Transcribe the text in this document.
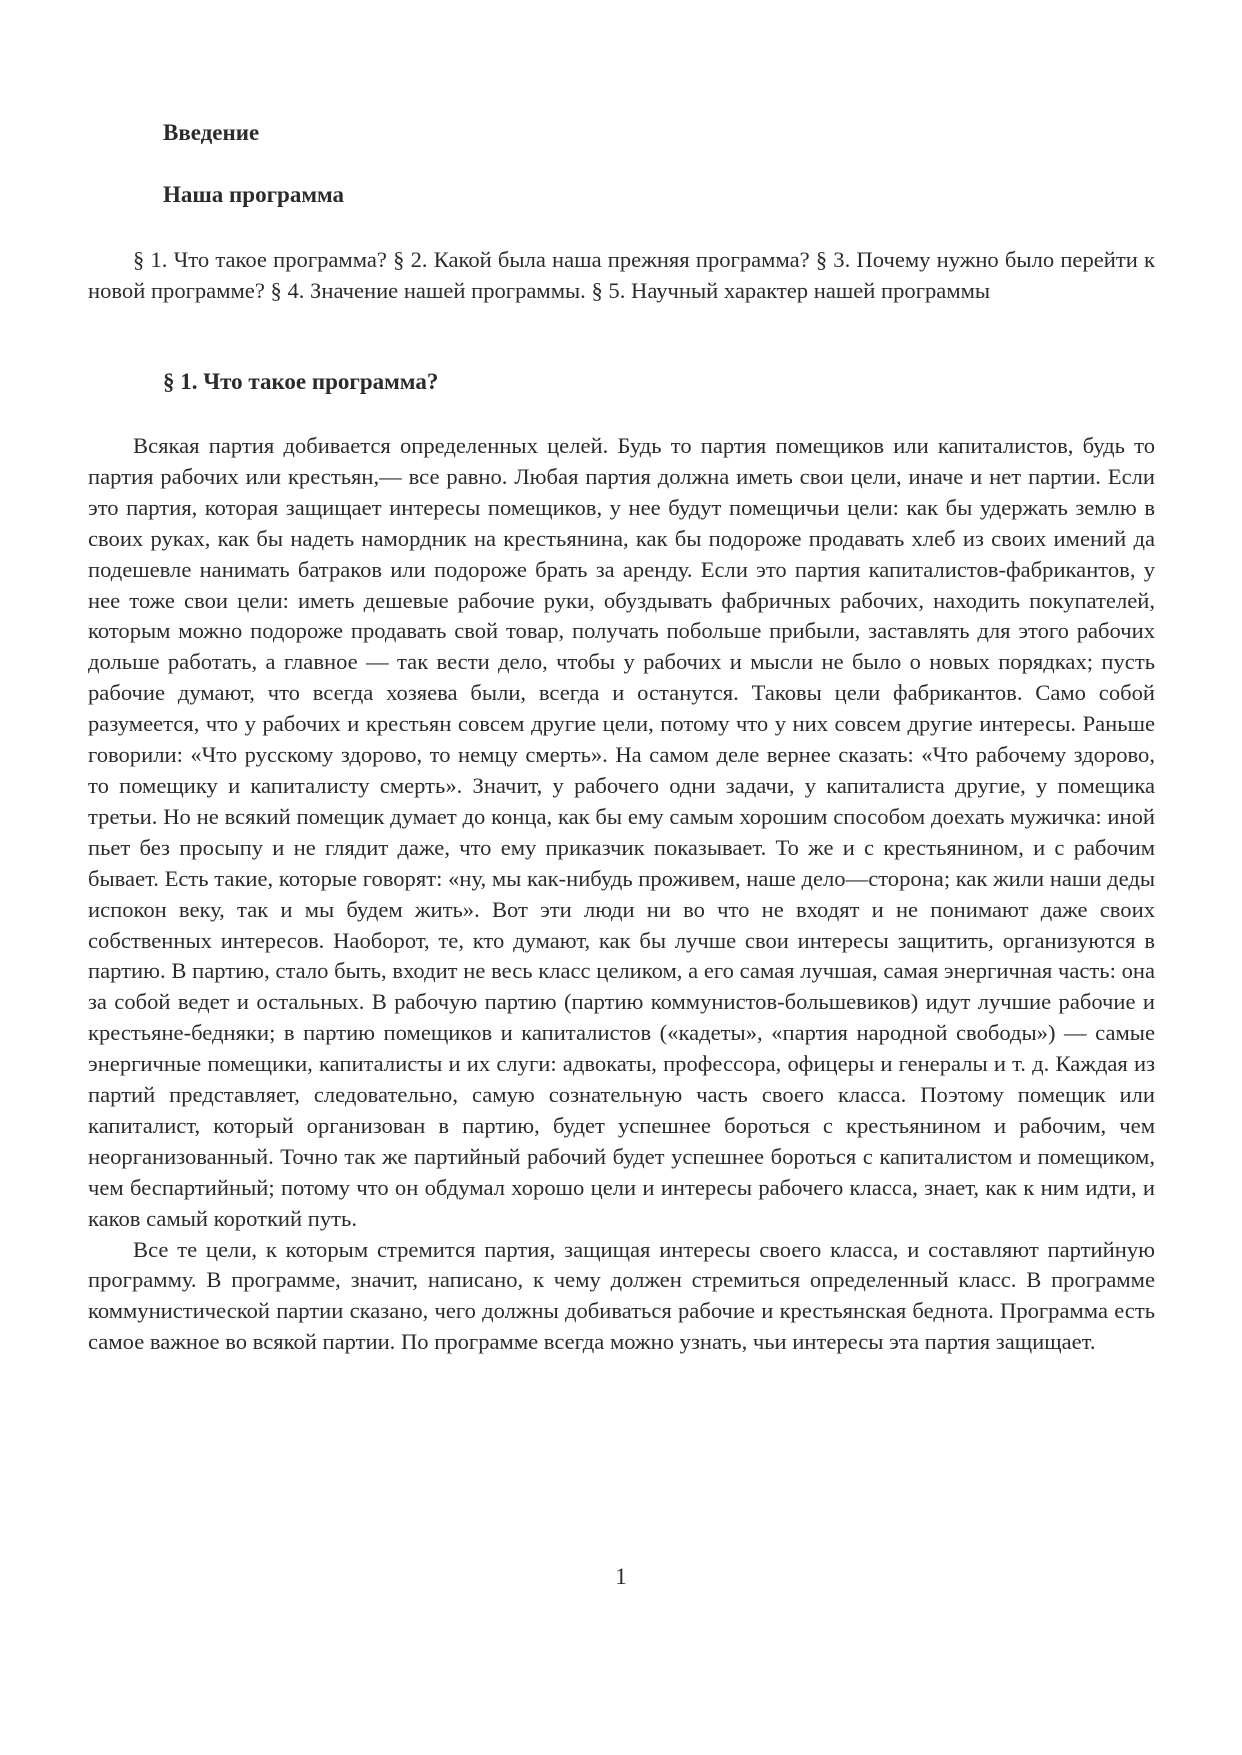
Введение
Наша программа

§ 1. Что такое программа? § 2. Какой была наша прежняя программа? § 3. Почему нужно было перейти к новой программе? § 4. Значение нашей программы. § 5. Научный характер нашей программы

§ 1. Что такое программа?

Всякая партия добивается определенных целей. Будь то партия помещиков или капиталистов, будь то партия рабочих или крестьян,— все равно. Любая партия должна иметь свои цели, иначе и нет партии. Если это партия, которая защищает интересы помещиков, у нее будут помещичьи цели: как бы удержать землю в своих руках, как бы надеть намордник на крестьянина, как бы подороже продавать хлеб из своих имений да подешевле нанимать батраков или подороже брать за аренду. Если это партия капиталистов-фабрикантов, у нее тоже свои цели: иметь дешевые рабочие руки, обуздывать фабричных рабочих, находить покупателей, которым можно подороже продавать свой товар, получать побольше прибыли, заставлять для этого рабочих дольше работать, а главное — так вести дело, чтобы у рабочих и мысли не было о новых порядках; пусть рабочие думают, что всегда хозяева были, всегда и останутся. Таковы цели фабрикантов. Само собой разумеется, что у рабочих и крестьян совсем другие цели, потому что у них совсем другие интересы. Раньше говорили: «Что русскому здорово, то немцу смерть». На самом деле вернее сказать: «Что рабочему здорово, то помещику и капиталисту смерть». Значит, у рабочего одни задачи, у капиталиста другие, у помещика третьи. Но не всякий помещик думает до конца, как бы ему самым хорошим способом доехать мужичка: иной пьет без просыпу и не глядит даже, что ему приказчик показывает. То же и с крестьянином, и с рабочим бывает. Есть такие, которые говорят: «ну, мы как-нибудь проживем, наше дело—сторона; как жили наши деды испокон веку, так и мы будем жить». Вот эти люди ни во что не входят и не понимают даже своих собственных интересов. Наоборот, те, кто думают, как бы лучше свои интересы защитить, организуются в партию. В партию, стало быть, входит не весь класс целиком, а его самая лучшая, самая энергичная часть: она за собой ведет и остальных. В рабочую партию (партию коммунистов-большевиков) идут лучшие рабочие и крестьяне-бедняки; в партию помещиков и капиталистов («кадеты», «партия народной свободы») — самые энергичные помещики, капиталисты и их слуги: адвокаты, профессора, офицеры и генералы и т. д. Каждая из партий представляет, следовательно, самую сознательную часть своего класса. Поэтому помещик или капиталист, который организован в партию, будет успешнее бороться с крестьянином и рабочим, чем неорганизованный. Точно так же партийный рабочий будет успешнее бороться с капиталистом и помещиком, чем беспартийный; потому что он обдумал хорошо цели и интересы рабочего класса, знает, как к ним идти, и каков самый короткий путь.

Все те цели, к которым стремится партия, защищая интересы своего класса, и составляют партийную программу. В программе, значит, написано, к чему должен стремиться определенный класс. В программе коммунистической партии сказано, чего должны добиваться рабочие и крестьянская беднота. Программа есть самое важное во всякой партии. По программе всегда можно узнать, чьи интересы эта партия защищает.

1
